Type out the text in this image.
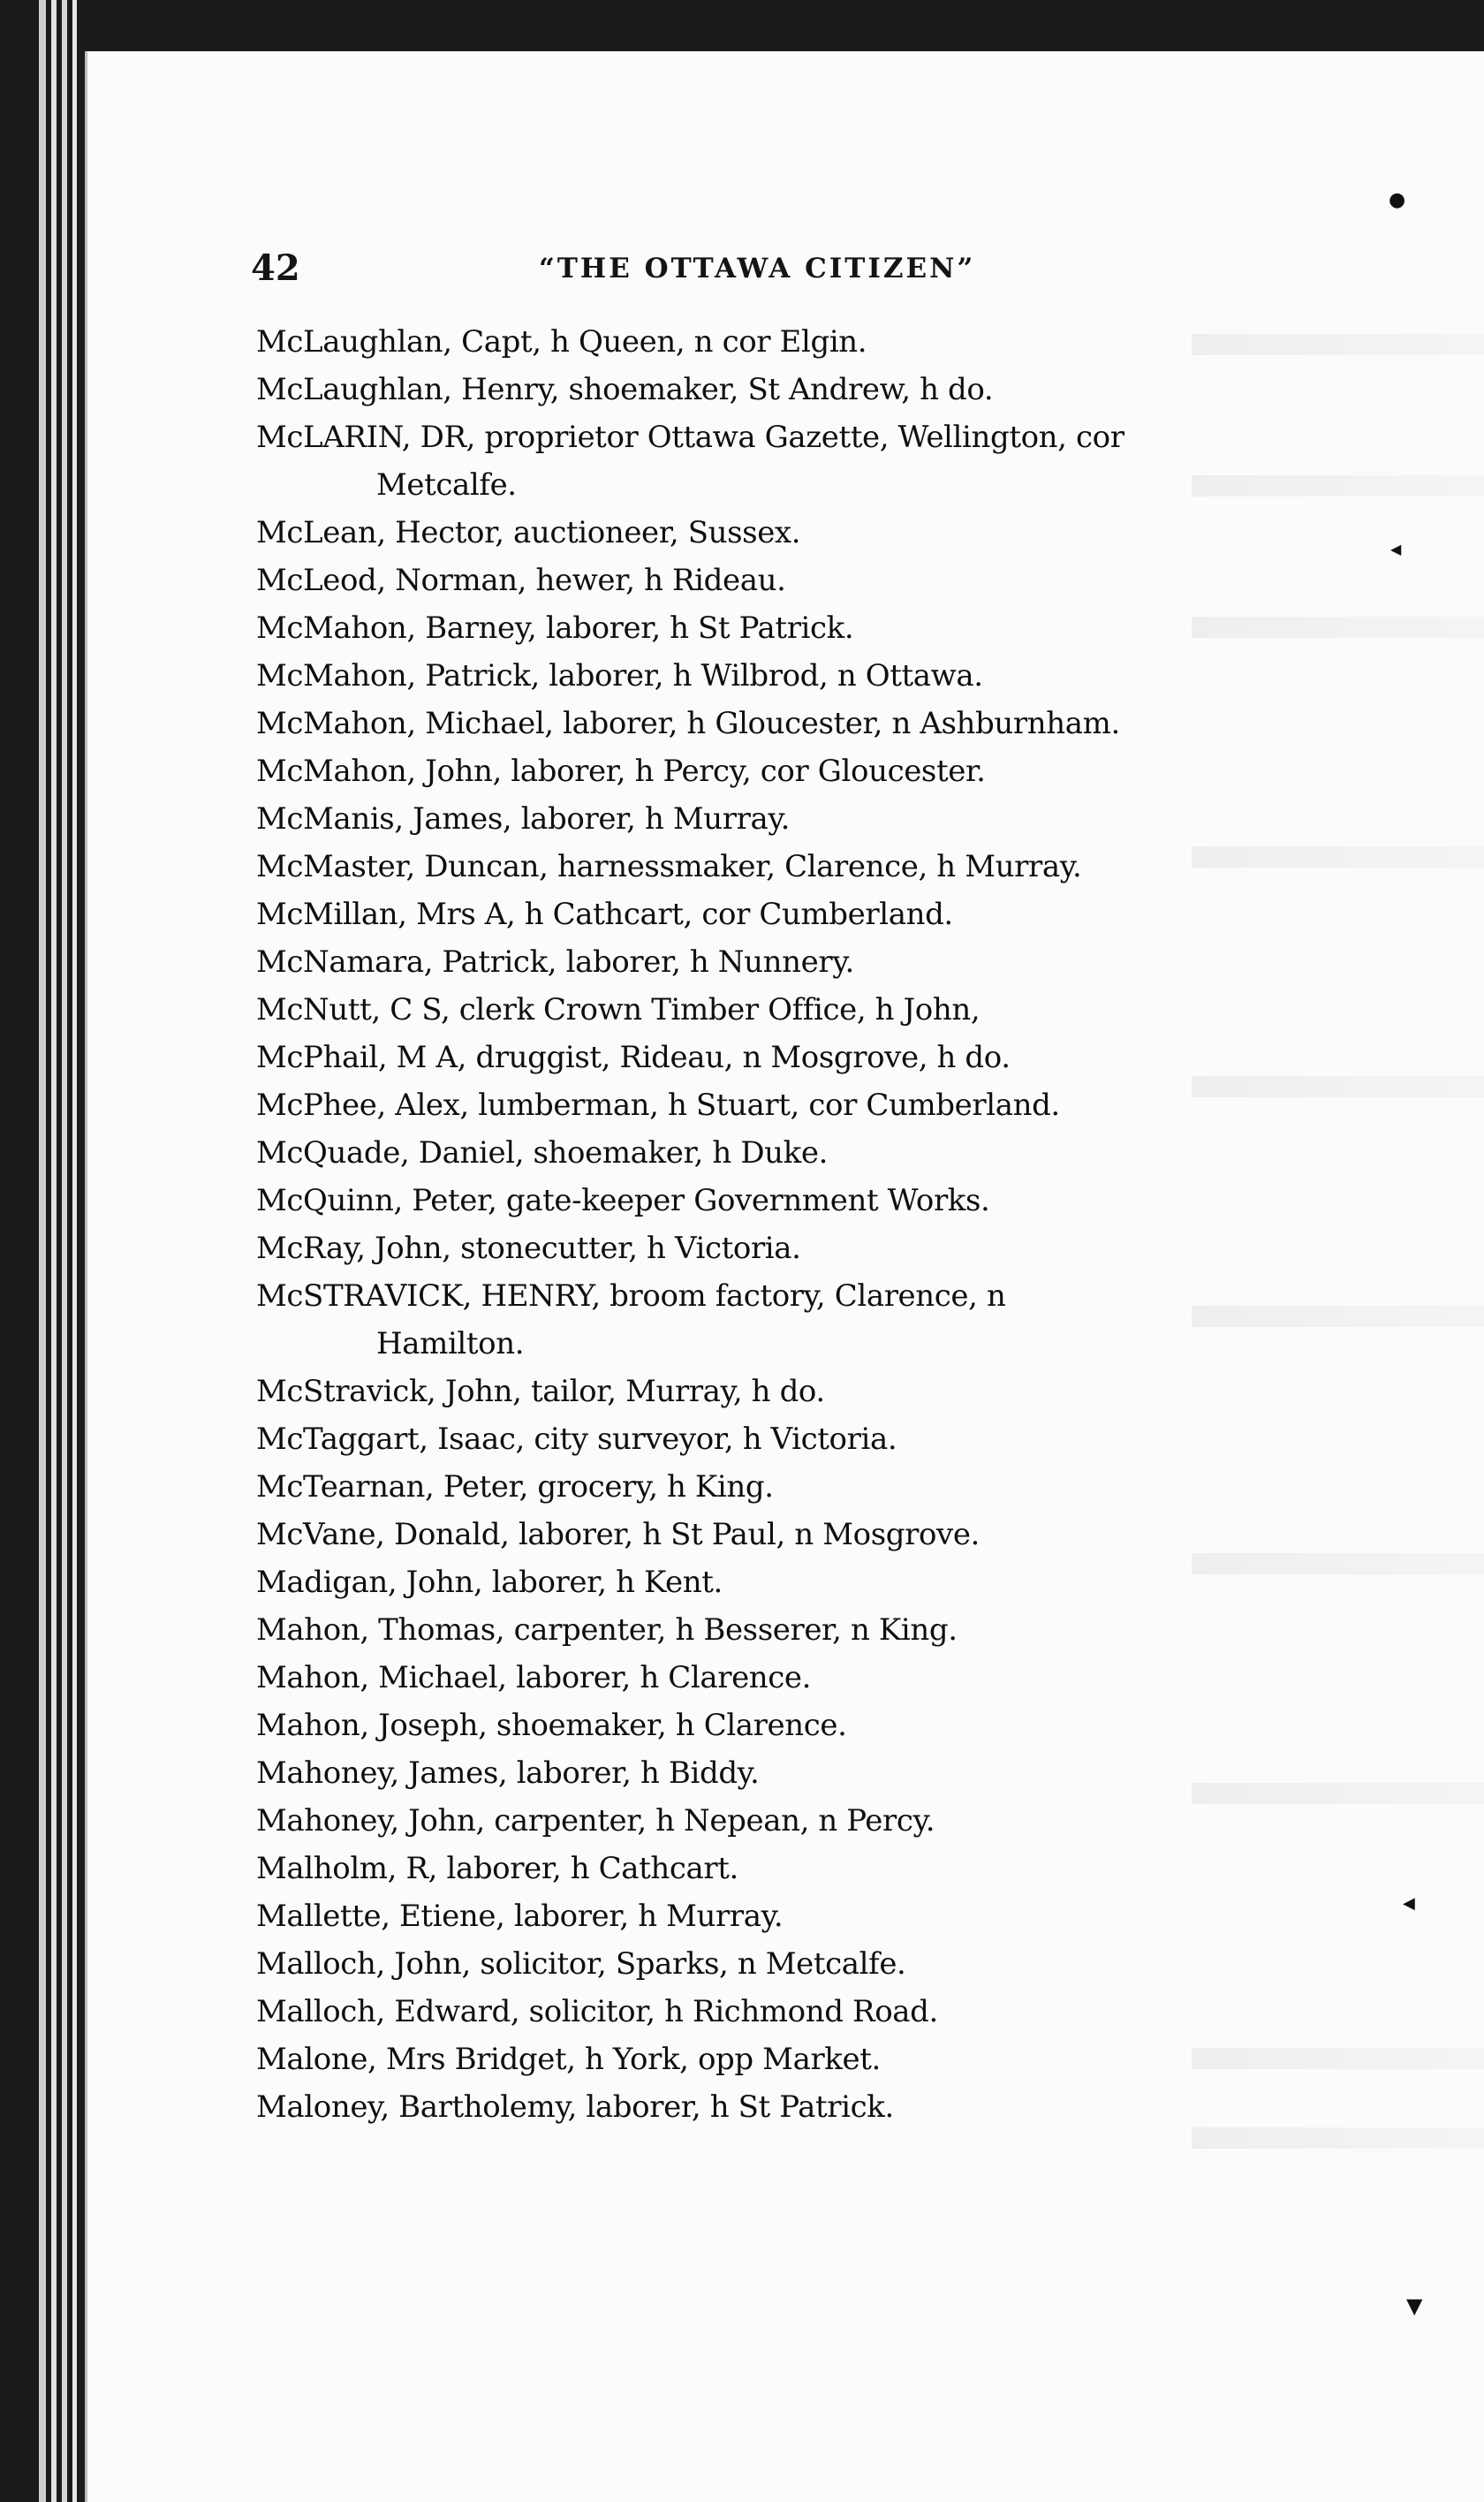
●
◀
◀
▼
42	“THE OTTAWA CITIZEN”
McLaughlan, Capt, h Queen, n cor Elgin.
McLaughlan, Henry, shoemaker, St Andrew, h do.
McLARIN, DR, proprietor Ottawa Gazette, Wellington, cor
Metcalfe.
McLean, Hector, auctioneer, Sussex.
McLeod, Norman, hewer, h Rideau.
McMahon, Barney, laborer, h St Patrick.
McMahon, Patrick, laborer, h Wilbrod, n Ottawa.
McMahon, Michael, laborer, h Gloucester, n Ashburnham.
McMahon, John, laborer, h Percy, cor Gloucester.
McManis, James, laborer, h Murray.
McMaster, Duncan, harnessmaker, Clarence, h Murray.
McMillan, Mrs A, h Cathcart, cor Cumberland.
McNamara, Patrick, laborer, h Nunnery.
McNutt, C S, clerk Crown Timber Office, h John,
McPhail, M A, druggist, Rideau, n Mosgrove, h do.
McPhee, Alex, lumberman, h Stuart, cor Cumberland.
McQuade, Daniel, shoemaker, h Duke.
McQuinn, Peter, gate-keeper Government Works.
McRay, John, stonecutter, h Victoria.
McSTRAVICK, HENRY, broom factory, Clarence, n
Hamilton.
McStravick, John, tailor, Murray, h do.
McTaggart, Isaac, city surveyor, h Victoria.
McTearnan, Peter, grocery, h King.
McVane, Donald, laborer, h St Paul, n Mosgrove.
Madigan, John, laborer, h Kent.
Mahon, Thomas, carpenter, h Besserer, n King.
Mahon, Michael, laborer, h Clarence.
Mahon, Joseph, shoemaker, h Clarence.
Mahoney, James, laborer, h Biddy.
Mahoney, John, carpenter, h Nepean, n Percy.
Malholm, R, laborer, h Cathcart.
Mallette, Etiene, laborer, h Murray.
Malloch, John, solicitor, Sparks, n Metcalfe.
Malloch, Edward, solicitor, h Richmond Road.
Malone, Mrs Bridget, h York, opp Market.
Maloney, Bartholemy, laborer, h St Patrick.
